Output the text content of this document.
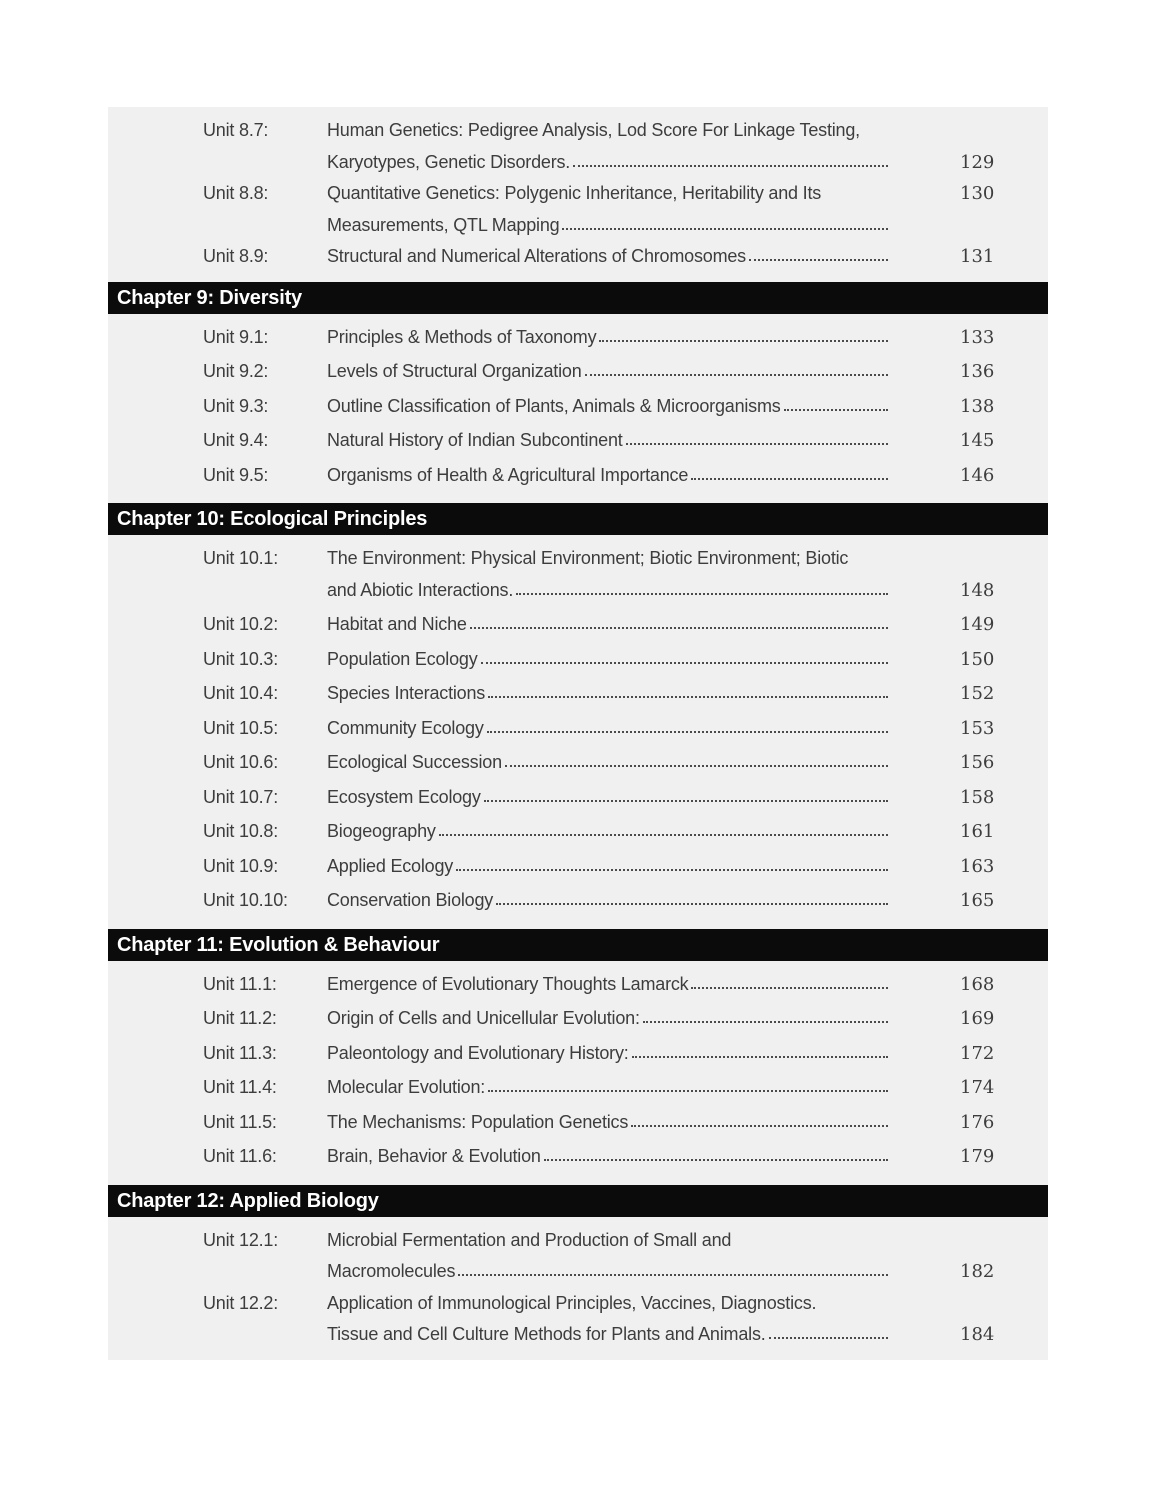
Unit 8.7:	Human Genetics: Pedigree Analysis, Lod Score For Linkage Testing,
Karyotypes, Genetic Disorders.	129
Unit 8.8:	Quantitative Genetics: Polygenic Inheritance, Heritability and Its	130
Measurements, QTL Mapping
Unit 8.9:	Structural and Numerical Alterations of Chromosomes	131
Chapter 9: Diversity
Unit 9.1:	Principles & Methods of Taxonomy	133
Unit 9.2:	Levels of Structural Organization	136
Unit 9.3:	Outline Classification of Plants, Animals & Microorganisms	138
Unit 9.4:	Natural History of Indian Subcontinent	145
Unit 9.5:	Organisms of Health & Agricultural Importance	146
Chapter 10: Ecological Principles
Unit 10.1:	The Environment: Physical Environment; Biotic Environment; Biotic
and Abiotic Interactions.	148
Unit 10.2:	Habitat and Niche	149
Unit 10.3:	Population Ecology	150
Unit 10.4:	Species Interactions	152
Unit 10.5:	Community Ecology	153
Unit 10.6:	Ecological Succession	156
Unit 10.7:	Ecosystem Ecology	158
Unit 10.8:	Biogeography	161
Unit 10.9:	Applied Ecology	163
Unit 10.10:	Conservation Biology	165
Chapter 11: Evolution & Behaviour
Unit 11.1:	Emergence of Evolutionary Thoughts Lamarck	168
Unit 11.2:	Origin of Cells and Unicellular Evolution:	169
Unit 11.3:	Paleontology and Evolutionary History:	172
Unit 11.4:	Molecular Evolution:	174
Unit 11.5:	The Mechanisms: Population Genetics	176
Unit 11.6:	Brain, Behavior & Evolution	179
Chapter 12: Applied Biology
Unit 12.1:	Microbial Fermentation and Production of Small and
Macromolecules	182
Unit 12.2:	Application of Immunological Principles, Vaccines, Diagnostics.
Tissue and Cell Culture Methods for Plants and Animals.	184
